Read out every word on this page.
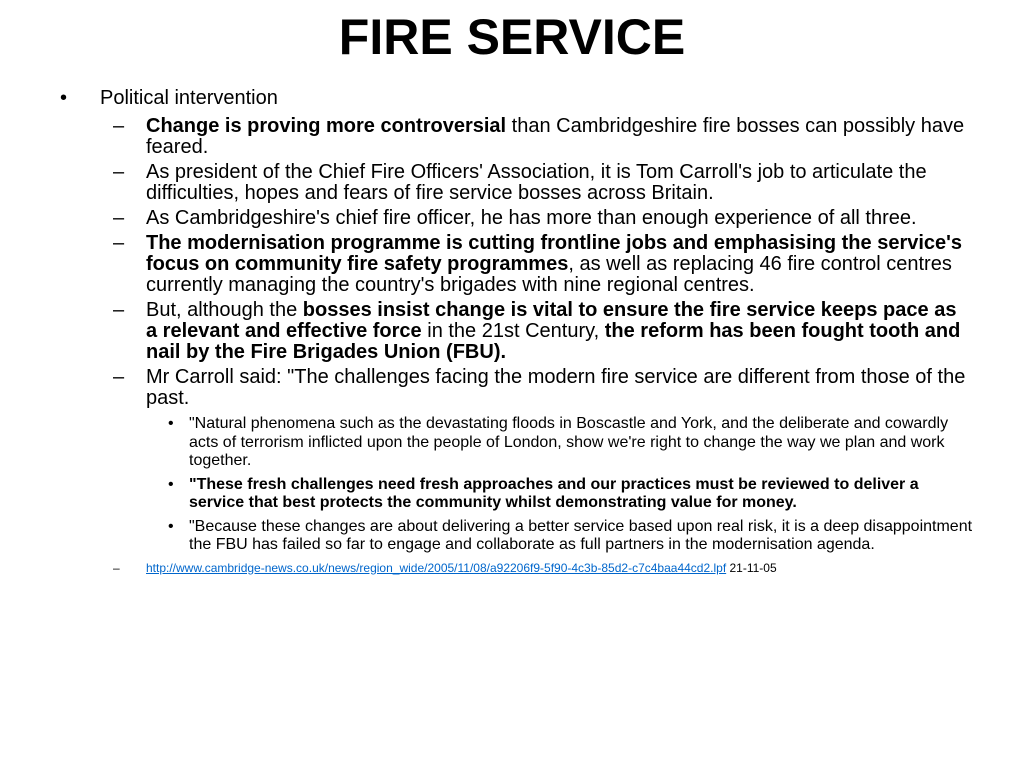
FIRE SERVICE
• Political intervention
– Change is proving more controversial than Cambridgeshire fire bosses can possibly have feared.
– As president of the Chief Fire Officers' Association, it is Tom Carroll's job to articulate the difficulties, hopes and fears of fire service bosses across Britain.
– As Cambridgeshire's chief fire officer, he has more than enough experience of all three.
– The modernisation programme is cutting frontline jobs and emphasising the service's focus on community fire safety programmes, as well as replacing 46 fire control centres currently managing the country's brigades with nine regional centres.
– But, although the bosses insist change is vital to ensure the fire service keeps pace as a relevant and effective force in the 21st Century, the reform has been fought tooth and nail by the Fire Brigades Union (FBU).
– Mr Carroll said: "The challenges facing the modern fire service are different from those of the past.
• "Natural phenomena such as the devastating floods in Boscastle and York, and the deliberate and cowardly acts of terrorism inflicted upon the people of London, show we're right to change the way we plan and work together.
• "These fresh challenges need fresh approaches and our practices must be reviewed to deliver a service that best protects the community whilst demonstrating value for money.
• "Because these changes are about delivering a better service based upon real risk, it is a deep disappointment the FBU has failed so far to engage and collaborate as full partners in the modernisation agenda.
– http://www.cambridge-news.co.uk/news/region_wide/2005/11/08/a92206f9-5f90-4c3b-85d2-c7c4baa44cd2.lpf 21-11-05
